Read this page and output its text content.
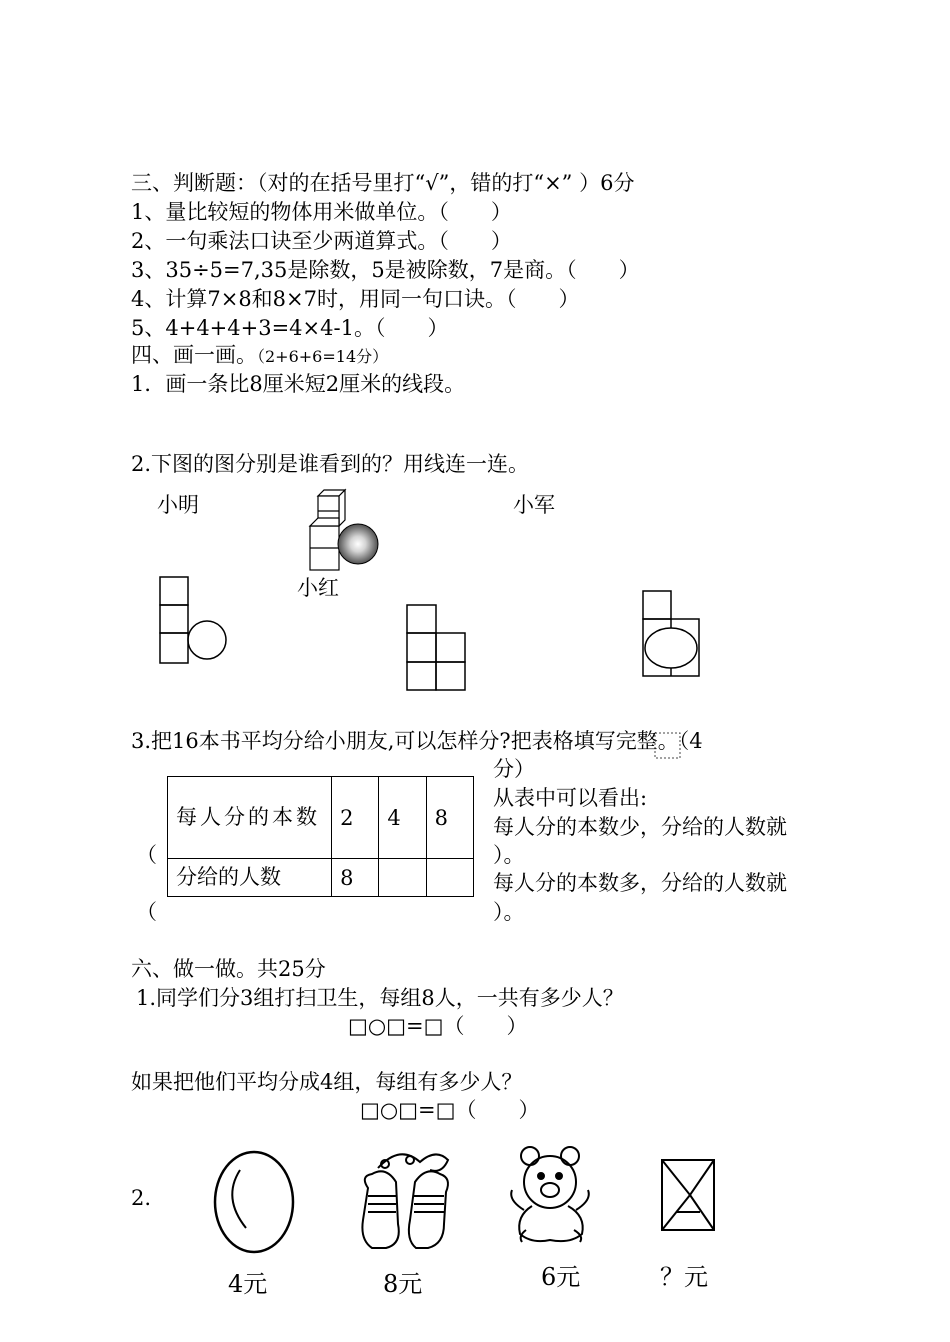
三、判断题：（对的在括号里打“√”，错的打“×” ）6分
1、量比较短的物体用米做单位。（　　）
2、一句乘法口诀至少两道算式。（　　）
3、35÷5=7,35是除数，5是被除数，7是商。（　　）
4、计算7×8和8×7时，用同一句口诀。（　　）
5、4+4+4+3=4×4-1。（　　）
四、画一画。（2+6+6=14分）
1．画一条比8厘米短2厘米的线段。
2.下图的图分别是谁看到的？用线连一连。
小明	小军
小红
3.把16本书平均分给小朋友,可以怎样分?把表格填写完整。（4
分）
每人分的本数	2	4	8
分给的人数	8		
（
（
从表中可以看出:
每人分的本数少，分给的人数就
）。
每人分的本数多，分给的人数就
）。
六、做一做。共25分
1.同学们分3组打扫卫生，每组8人，一共有多少人？
□○□=□（　　）
如果把他们平均分成4组，每组有多少人？
□○□=□（　　）
2.
4元	8元	6元	？元
